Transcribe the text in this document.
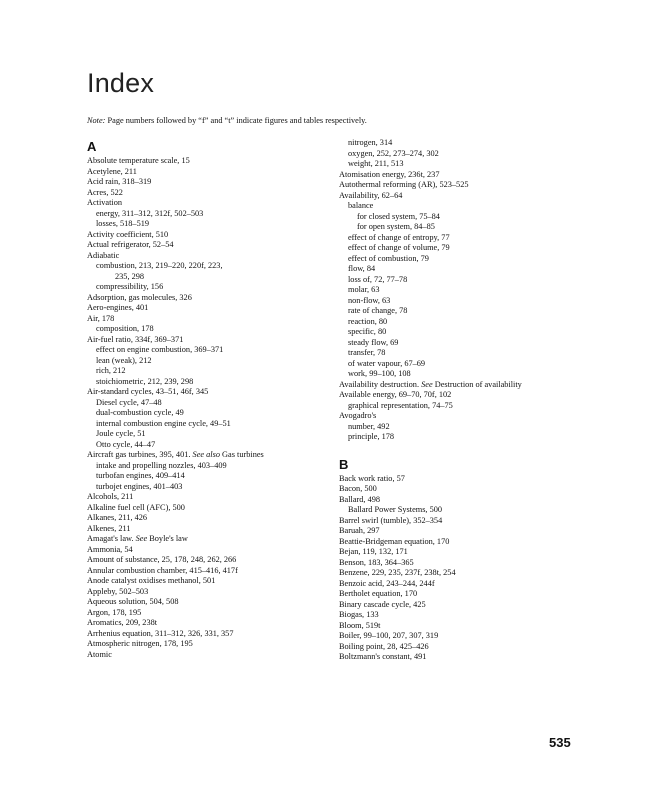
Index
Note: Page numbers followed by “f” and “t” indicate figures and tables respectively.
A
Absolute temperature scale, 15
Acetylene, 211
Acid rain, 318–319
Acres, 522
Activation
energy, 311–312, 312f, 502–503
losses, 518–519
Activity coefficient, 510
Actual refrigerator, 52–54
Adiabatic
combustion, 213, 219–220, 220f, 223,
235, 298
compressibility, 156
Adsorption, gas molecules, 326
Aero-engines, 401
Air, 178
composition, 178
Air-fuel ratio, 334f, 369–371
effect on engine combustion, 369–371
lean (weak), 212
rich, 212
stoichiometric, 212, 239, 298
Air-standard cycles, 43–51, 46f, 345
Diesel cycle, 47–48
dual-combustion cycle, 49
internal combustion engine cycle, 49–51
Joule cycle, 51
Otto cycle, 44–47
Aircraft gas turbines, 395, 401. See also Gas turbines
intake and propelling nozzles, 403–409
turbofan engines, 409–414
turbojet engines, 401–403
Alcohols, 211
Alkaline fuel cell (AFC), 500
Alkanes, 211, 426
Alkenes, 211
Amagat's law. See Boyle's law
Ammonia, 54
Amount of substance, 25, 178, 248, 262, 266
Annular combustion chamber, 415–416, 417f
Anode catalyst oxidises methanol, 501
Appleby, 502–503
Aqueous solution, 504, 508
Argon, 178, 195
Aromatics, 209, 238t
Arrhenius equation, 311–312, 326, 331, 357
Atmospheric nitrogen, 178, 195
Atomic
nitrogen, 314
oxygen, 252, 273–274, 302
weight, 211, 513
Atomisation energy, 236t, 237
Autothermal reforming (AR), 523–525
Availability, 62–64
balance
for closed system, 75–84
for open system, 84–85
effect of change of entropy, 77
effect of change of volume, 79
effect of combustion, 79
flow, 84
loss of, 72, 77–78
molar, 63
non-flow, 63
rate of change, 78
reaction, 80
specific, 80
steady flow, 69
transfer, 78
of water vapour, 67–69
work, 99–100, 108
Availability destruction. See Destruction of availability
Available energy, 69–70, 70f, 102
graphical representation, 74–75
Avogadro's
number, 492
principle, 178
B
Back work ratio, 57
Bacon, 500
Ballard, 498
Ballard Power Systems, 500
Barrel swirl (tumble), 352–354
Baruah, 297
Beattie-Bridgeman equation, 170
Bejan, 119, 132, 171
Benson, 183, 364–365
Benzene, 229, 235, 237f, 238t, 254
Benzoic acid, 243–244, 244f
Bertholet equation, 170
Binary cascade cycle, 425
Biogas, 133
Bloom, 519t
Boiler, 99–100, 207, 307, 319
Boiling point, 28, 425–426
Boltzmann's constant, 491
535
